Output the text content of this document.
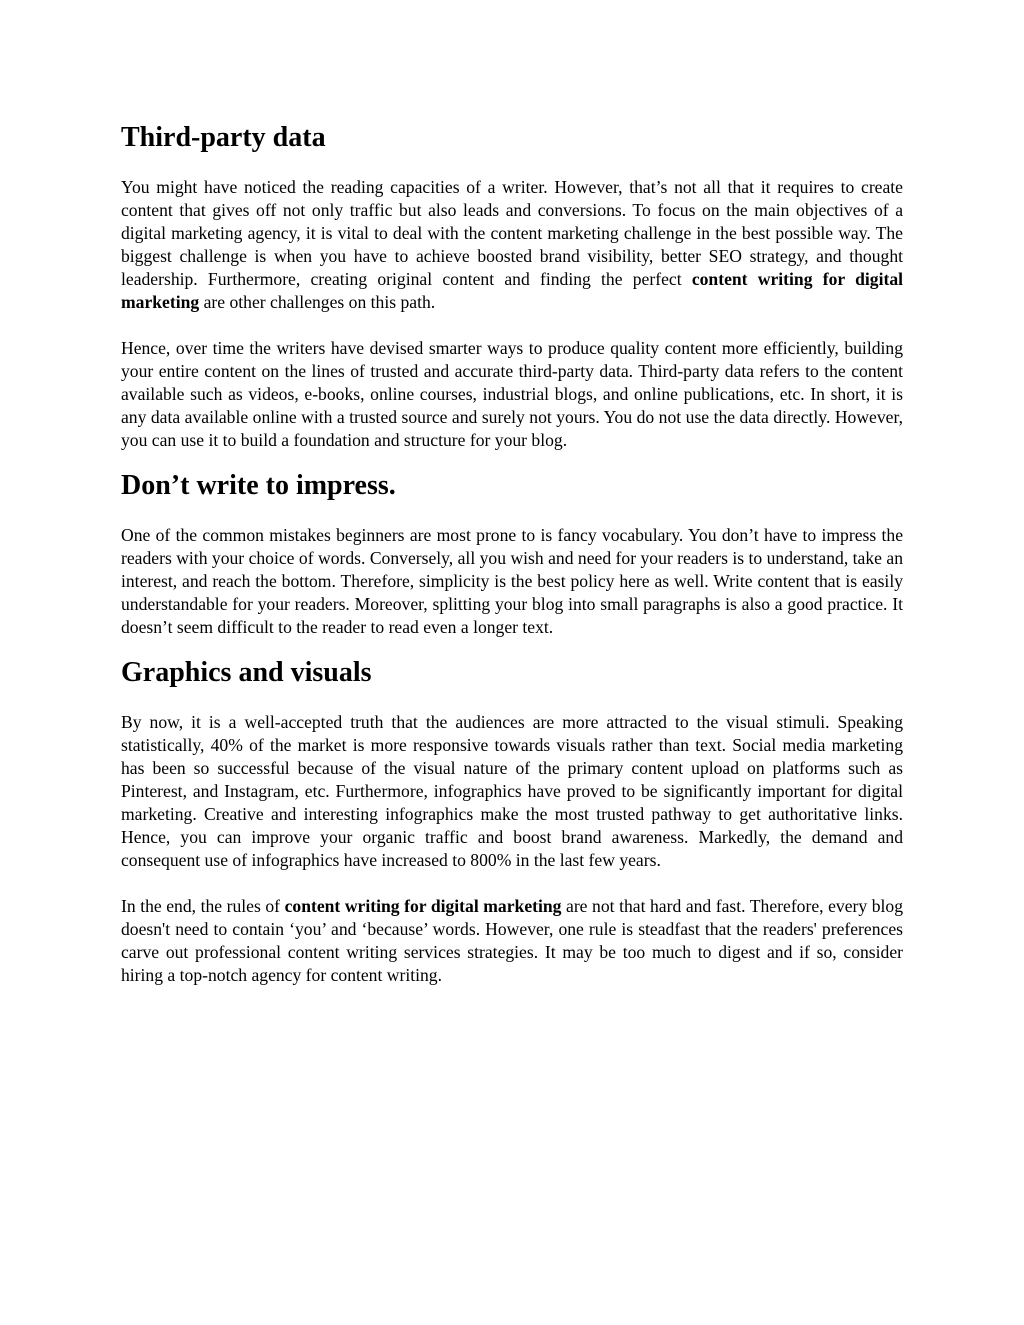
Third-party data

You might have noticed the reading capacities of a writer. However, that’s not all that it requires to create content that gives off not only traffic but also leads and conversions. To focus on the main objectives of a digital marketing agency, it is vital to deal with the content marketing challenge in the best possible way. The biggest challenge is when you have to achieve boosted brand visibility, better SEO strategy, and thought leadership. Furthermore, creating original content and finding the perfect content writing for digital marketing are other challenges on this path.

Hence, over time the writers have devised smarter ways to produce quality content more efficiently, building your entire content on the lines of trusted and accurate third-party data. Third-party data refers to the content available such as videos, e-books, online courses, industrial blogs, and online publications, etc. In short, it is any data available online with a trusted source and surely not yours. You do not use the data directly. However, you can use it to build a foundation and structure for your blog.

Don’t write to impress.

One of the common mistakes beginners are most prone to is fancy vocabulary. You don’t have to impress the readers with your choice of words. Conversely, all you wish and need for your readers is to understand, take an interest, and reach the bottom. Therefore, simplicity is the best policy here as well. Write content that is easily understandable for your readers. Moreover, splitting your blog into small paragraphs is also a good practice. It doesn’t seem difficult to the reader to read even a longer text.

Graphics and visuals

By now, it is a well-accepted truth that the audiences are more attracted to the visual stimuli. Speaking statistically, 40% of the market is more responsive towards visuals rather than text. Social media marketing has been so successful because of the visual nature of the primary content upload on platforms such as Pinterest, and Instagram, etc. Furthermore, infographics have proved to be significantly important for digital marketing. Creative and interesting infographics make the most trusted pathway to get authoritative links. Hence, you can improve your organic traffic and boost brand awareness. Markedly, the demand and consequent use of infographics have increased to 800% in the last few years.

In the end, the rules of content writing for digital marketing are not that hard and fast. Therefore, every blog doesn't need to contain ‘you’ and ‘because’ words. However, one rule is steadfast that the readers' preferences carve out professional content writing services strategies. It may be too much to digest and if so, consider hiring a top-notch agency for content writing.
